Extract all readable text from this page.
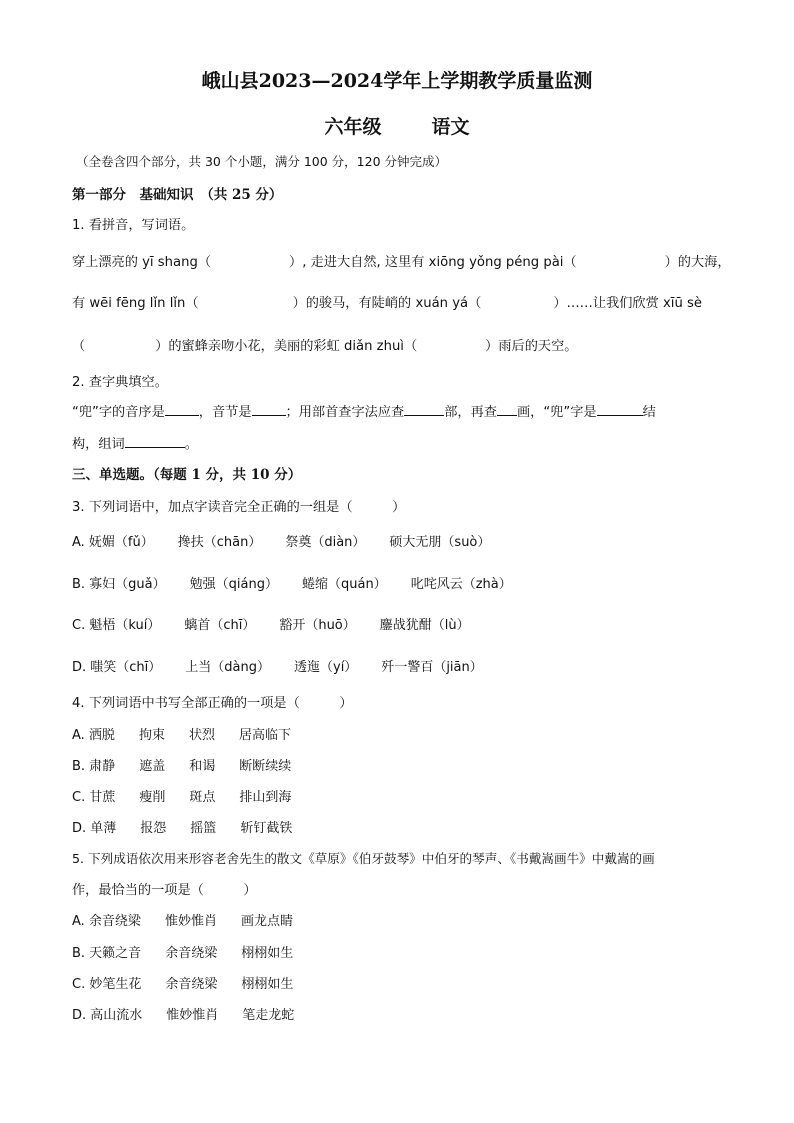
峨山县2023—2024学年上学期教学质量监测
六年级	语文
（全卷含四个部分，共 30 个小题，满分 100 分，120 分钟完成）
第一部分　基础知识　（共 25 分）
1. 看拼音，写词语。
穿上漂亮的 yī shang（	）, 走进大自然, 这里有 xiōng yǒng péng pài（	）的大海，
有 wēi fēng lǐn lǐn（	）的骏马，有陡峭的 xuán yá（	）……让我们欣赏 xīū sè
（	）的蜜蜂亲吻小花，美丽的彩虹 diǎn zhuì（	）雨后的天空。
2. 查字典填空。
“兜”字的音序是	，音节是	；用部首查字法应查	部，再查 画，“兜”字是	结
构，组词	。
三、单选题。（每题 1 分，共 10 分）
3. 下列词语中，加点字读音完全正确的一组是（　　　）
A. 妩媚（fǔ） 搀扶（chān） 祭奠（diàn） 硕大无朋（suò）
B. 寡妇（guǎ） 勉强（qiáng） 蜷缩（quán） 叱咤风云（zhà）
C. 魁梧（kuí） 螭首（chī） 豁开（huō） 鏖战犹酣（lù）
D. 嗤笑（chī） 上当（dàng） 透迤（yí） 歼一警百（jiān）
4. 下列词语中书写全部正确的一项是（　　　）
A. 洒脱 拘束 状烈 居高临下
B. 肃静 遮盖 和谒 断断续续
C. 甘蔗 瘦削 斑点 排山到海
D. 单薄 报怨 摇篮 斩钉截铁
5. 下列成语依次用来形容老舍先生的散文《草原》《伯牙鼓琴》中伯牙的琴声、《书戴嵩画牛》中戴嵩的画
作，最恰当的一项是（　　　）
A. 余音绕梁 惟妙惟肖 画龙点睛
B. 天籁之音 余音绕梁 栩栩如生
C. 妙笔生花 余音绕梁 栩栩如生
D. 高山流水 惟妙惟肖 笔走龙蛇
